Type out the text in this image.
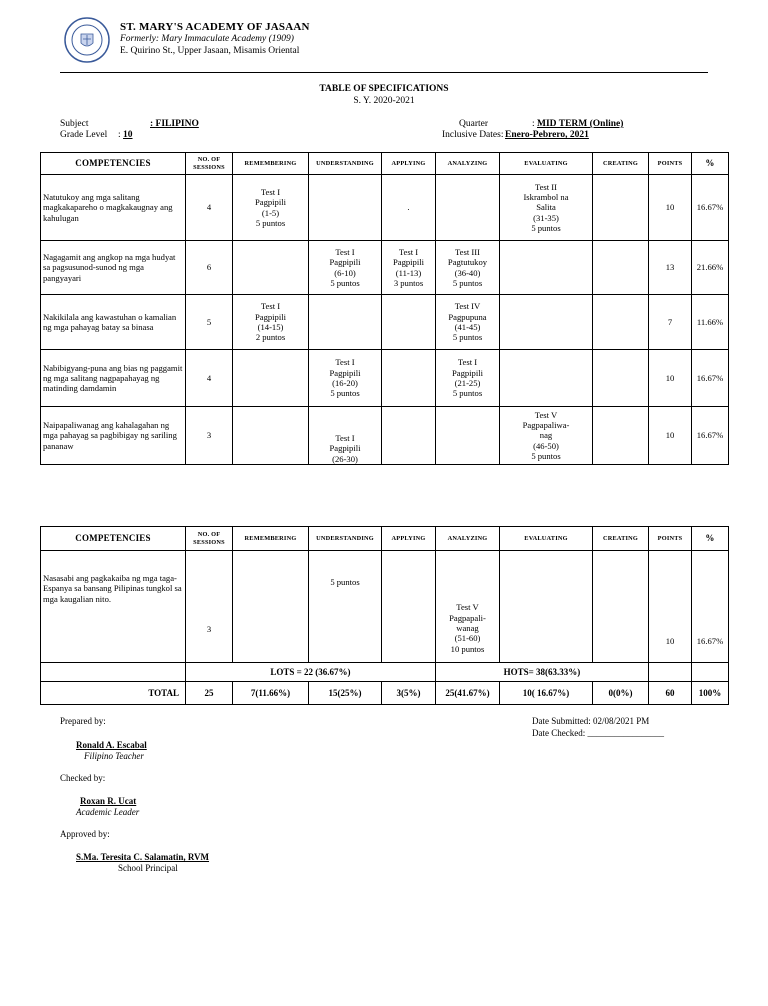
ST. MARY'S ACADEMY OF JASAAN
Formerly: Mary Immaculate Academy (1909)
E. Quirino St., Upper Jasaan, Misamis Oriental
TABLE OF SPECIFICATIONS
S. Y. 2020-2021
Subject	: FILIPINO
Grade Level : 10
Quarter	: MID TERM (Online)
Inclusive Dates: Enero-Pebrero, 2021
COMPETENCIES	NO. OF SESSIONS	REMEMBERING	UNDERSTANDING	APPLYING	ANALYZING	EVALUATING	CREATING	POINTS	%
Natutukoy ang mga salitang magkakapareho o magkakaugnay ang kahulugan	4	Test I
Pagpipili
(1-5)
5 puntos		.		Test II
Iskrambol na
Salita
(31-35)
5 puntos		10	16.67%
Nagagamit ang angkop na mga hudyat sa pagsusunod-sunod ng mga pangyayari	6		Test I
Pagpipili
(6-10)
5 puntos	Test I
Pagpipili
(11-13)
3 puntos	Test III
Pagtutukoy
(36-40)
5 puntos			13	21.66%
Nakikilala ang kawastuhan o kamalian ng mga pahayag batay sa binasa	5	Test I
Pagpipili
(14-15)
2 puntos			Test IV
Pagpupuna
(41-45)
5 puntos			7	11.66%
Nabibigyang-puna ang bias ng paggamit ng mga salitang nagpapahayag ng matinding damdamin	4		Test I
Pagpipili
(16-20)
5 puntos		Test I
Pagpipili
(21-25)
5 puntos			10	16.67%
Naipapaliwanag ang kahalagahan ng mga pahayag sa pagbibigay ng sariling pananaw	3		Test I
Pagpipili
(26-30)			Test V
Pagpapaliwa-
nag
(46-50)
5 puntos		10	16.67%
COMPETENCIES	NO. OF SESSIONS	REMEMBERING	UNDERSTANDING	APPLYING	ANALYZING	EVALUATING	CREATING	POINTS	%
Nasasabi ang pagkakaiba ng mga taga-Espanya sa bansang Pilipinas tungkol sa mga kaugalian nito.	3		5 puntos		Test V
Pagpapali-
wanag
(51-60)
10 puntos			10	16.67%
	LOTS = 22 (36.67%)				HOTS= 38(63.33%)				
TOTAL	25	7(11.66%)	15(25%)	3(5%)	25(41.67%)	10( 16.67%)	0(0%)	60	100%
Prepared by:
Ronald A. Escabal
Filipino Teacher
Checked by:
Roxan R. Ucat
Academic Leader
Approved by:
S.Ma. Teresita C. Salamatin, RVM
School Principal
Date Submitted: 02/08/2021 PM
Date Checked: _________________
